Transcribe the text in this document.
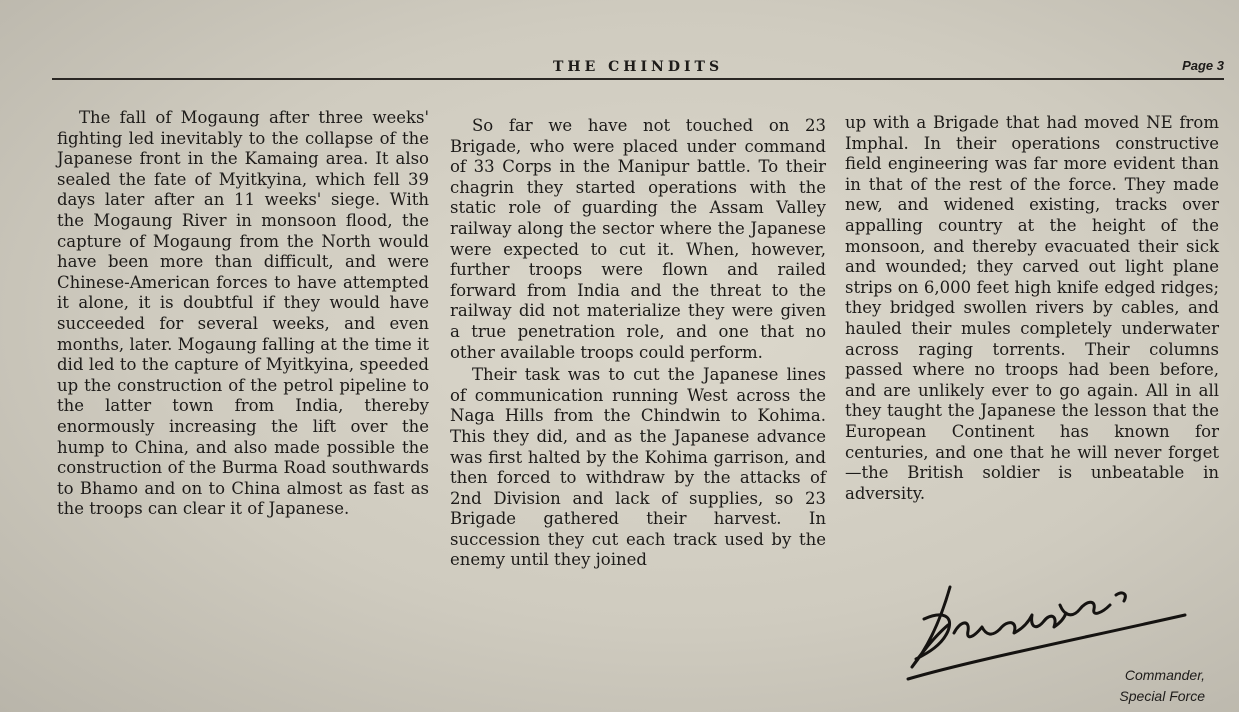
THE CHINDITS	Page 3

The fall of Mogaung after three weeks' fighting led inevitably to the collapse of the Japanese front in the Kamaing area. It also sealed the fate of Myitkyina, which fell 39 days later after an 11 weeks' siege. With the Mogaung River in monsoon flood, the capture of Mogaung from the North would have been more than difficult, and were Chinese-American forces to have attempted it alone, it is doubtful if they would have succeeded for several weeks, and even months, later. Mogaung falling at the time it did led to the capture of Myitkyina, speeded up the construction of the petrol pipeline to the latter town from India, thereby enormously increasing the lift over the hump to China, and also made possible the construction of the Burma Road southwards to Bhamo and on to China almost as fast as the troops can clear it of Japanese.

So far we have not touched on 23 Brigade, who were placed under command of 33 Corps in the Manipur battle. To their chagrin they started operations with the static role of guarding the Assam Valley railway along the sector where the Japanese were expected to cut it. When, however, further troops were flown and railed forward from India and the threat to the railway did not materialize they were given a true penetration role, and one that no other available troops could perform.

Their task was to cut the Japanese lines of communication running West across the Naga Hills from the Chindwin to Kohima. This they did, and as the Japanese advance was first halted by the Kohima garrison, and then forced to withdraw by the attacks of 2nd Division and lack of supplies, so 23 Brigade gathered their harvest. In succession they cut each track used by the enemy until they joined

up with a Brigade that had moved NE from Imphal. In their operations constructive field engineering was far more evident than in that of the rest of the force. They made new, and widened existing, tracks over appalling country at the height of the monsoon, and thereby evacuated their sick and wounded; they carved out light plane strips on 6,000 feet high knife edged ridges; they bridged swollen rivers by cables, and hauled their mules completely underwater across raging torrents. Their columns passed where no troops had been before, and are unlikely ever to go again. All in all they taught the Japanese the lesson that the European Continent has known for centuries, and one that he will never forget—the British soldier is unbeatable in adversity.

Commander,
Special Force
